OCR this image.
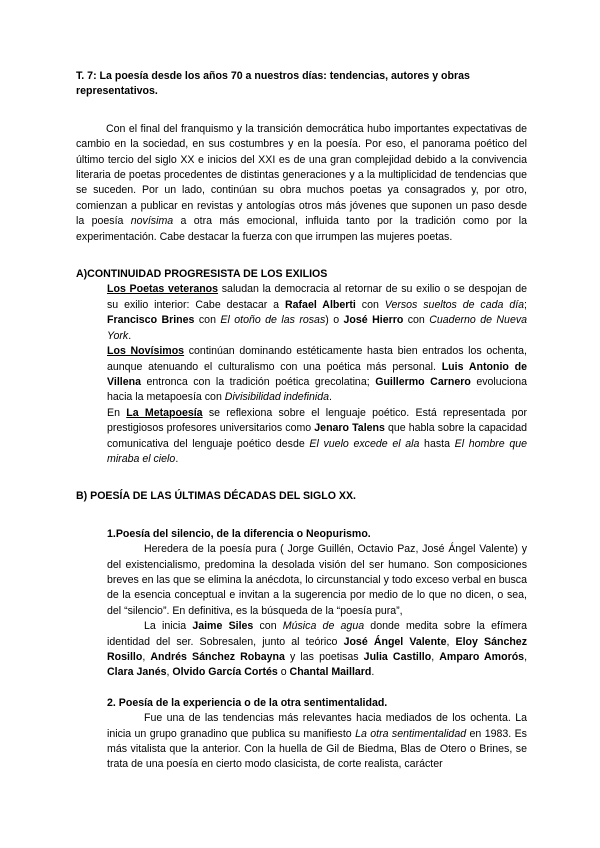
T. 7: La poesía desde los años 70 a nuestros días: tendencias, autores y obras representativos.

Con el final del franquismo y la transición democrática hubo importantes expectativas de cambio en la sociedad, en sus costumbres y en la poesía. Por eso, el panorama poético del último tercio del siglo XX e inicios del XXI es de una gran complejidad debido a la convivencia literaria de poetas procedentes de distintas generaciones y a la multiplicidad de tendencias que se suceden. Por un lado, continúan su obra muchos poetas ya consagrados y, por otro, comienzan a publicar en revistas y antologías otros más jóvenes que suponen un paso desde la poesía novísima a otra más emocional, influida tanto por la tradición como por la experimentación. Cabe destacar la fuerza con que irrumpen las mujeres poetas.

A)CONTINUIDAD PROGRESISTA DE LOS EXILIOS

Los Poetas veteranos saludan la democracia al retornar de su exilio o se despojan de su exilio interior: Cabe destacar a Rafael Alberti con Versos sueltos de cada día; Francisco Brines con El otoño de las rosas) o José Hierro con Cuaderno de Nueva York.

Los Novísimos continúan dominando estéticamente hasta bien entrados los ochenta, aunque atenuando el culturalismo con una poética más personal. Luis Antonio de Villena entronca con la tradición poética grecolatina; Guillermo Carnero evoluciona hacia la metapoesía con Divisibilidad indefinida.

En La Metapoesía se reflexiona sobre el lenguaje poético. Está representada por prestigiosos profesores universitarios como Jenaro Talens que habla sobre la capacidad comunicativa del lenguaje poético desde El vuelo excede el ala hasta El hombre que miraba el cielo.

B) POESÍA DE LAS ÚLTIMAS DÉCADAS DEL SIGLO XX.

1.Poesía del silencio, de la diferencia o Neopurismo.

Heredera de la poesía pura ( Jorge Guillén, Octavio Paz, José Ángel Valente) y del existencialismo, predomina la desolada visión del ser humano. Son composiciones breves en las que se elimina la anécdota, lo circunstancial y todo exceso verbal en busca de la esencia conceptual e invitan a la sugerencia por medio de lo que no dicen, o sea, del “silencio”. En definitiva, es la búsqueda de la “poesía pura”,

La inicia Jaime Siles con Música de agua donde medita sobre la efímera identidad del ser. Sobresalen, junto al teórico José Ángel Valente, Eloy Sánchez Rosillo, Andrés Sánchez Robayna y las poetisas Julia Castillo, Amparo Amorós, Clara Janés, Olvido García Cortés o Chantal Maillard.

2. Poesía de la experiencia o de la otra sentimentalidad.

Fue una de las tendencias más relevantes hacia mediados de los ochenta. La inicia un grupo granadino que publica su manifiesto La otra sentimentalidad en 1983. Es más vitalista que la anterior. Con la huella de Gil de Biedma, Blas de Otero o Brines, se trata de una poesía en cierto modo clasicista, de corte realista, carácter
